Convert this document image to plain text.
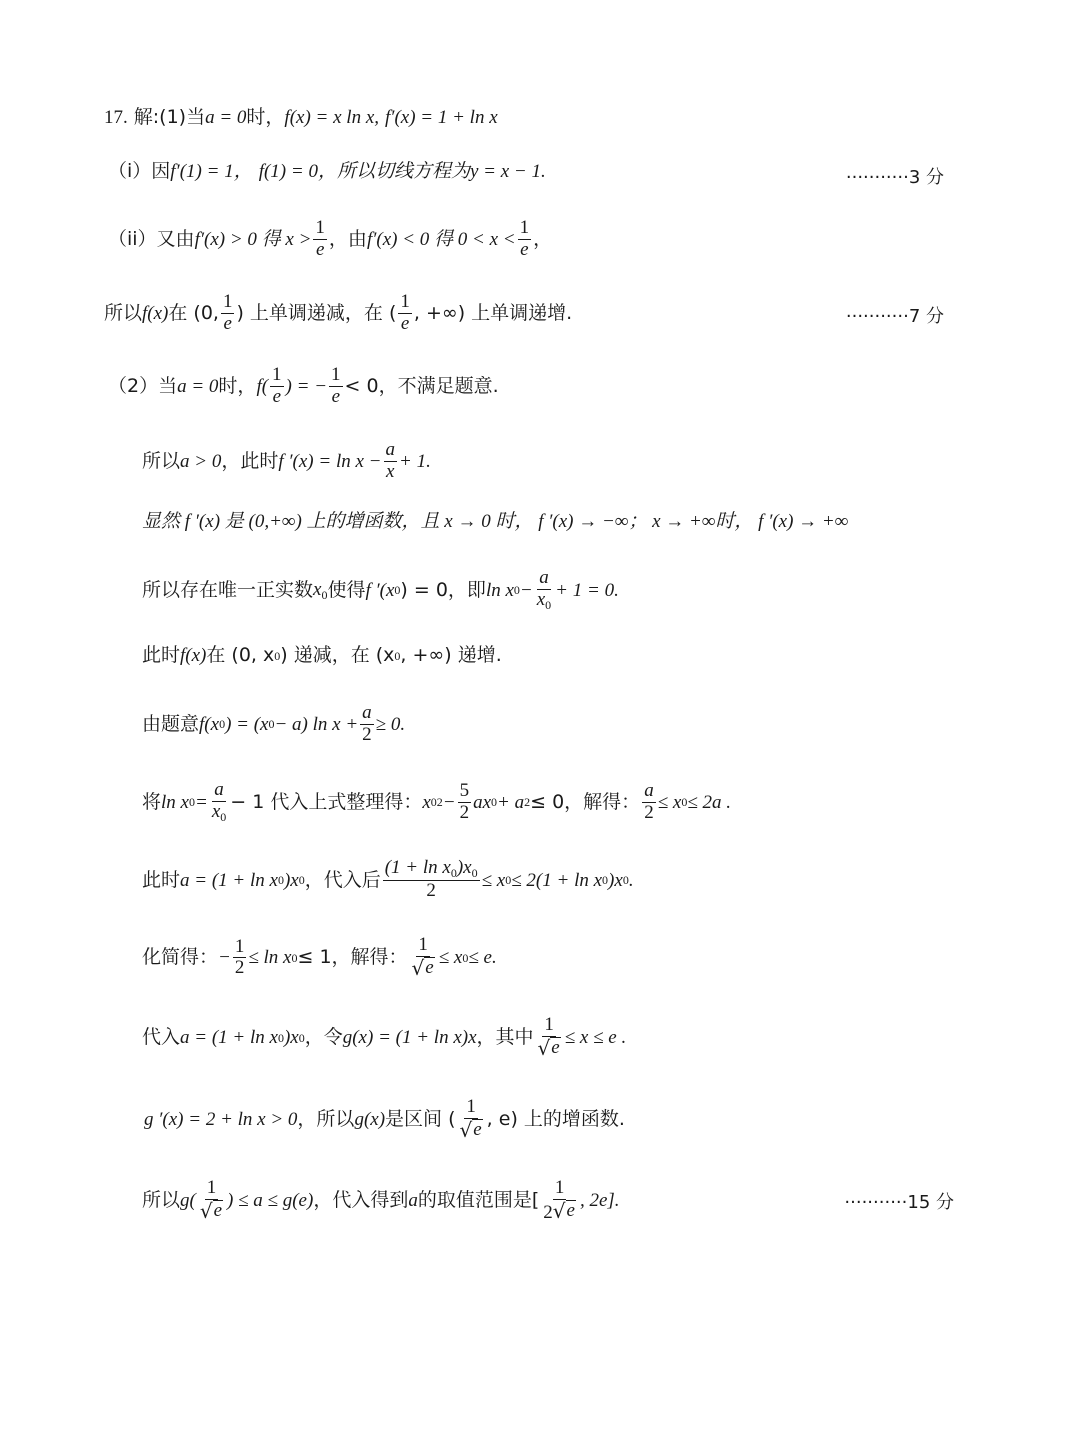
17. 解:(1)当 a = 0 时， f(x) = x ln x, f′(x) = 1 + ln x
（i）因 f′(1) = 1， f(1) = 0，所以切线方程为 y = x − 1.	···········3 分
（ii）又由 f′(x) > 0 得 $x > \frac{1}{e}$ ，由 f′(x) < 0 得 $0 < x < \frac{1}{e}$ ，
所以 f(x) 在 (0, $\frac{1}{e}$ ) 上单调递减，在 ( $\frac{1}{e}$ , +∞) 上单调递增.	···········7 分
（2）当 a = 0 时， $f( \frac{1}{e}$ ) = − $\frac{1}{e} < 0$，不满足题意.
所以 a > 0 ，此时 f $'(x) = \ln x - \frac{a}{x} + 1$.
显然 f ′(x) 是 (0,+∞) 上的增函数，且 x → 0 时， f ′(x) → −∞； x → +∞时， f ′(x) → +∞
所以存在唯一正实数 $x_0$ 使得 f ′(x 0 ) = 0，即 ln x $0 - \frac{a}{x_0} + 1 = 0$.
此时 f(x) 在 (0, x 0 ) 递减，在 (x 0 , +∞) 递增.
由题意 f(x 0 ) = (x 0 − a) $\ln x + \frac{a}{2} \ge 0$.
将 ln x $0 = \frac{a}{x_0} - 1$ 代入上式整理得： x 0 $2 - \frac{5}{2}$ ax 0 + a 2 ≤ 0，解得： $\frac{a}{2} \le x$ 0 ≤ 2a .
此时 a = (1 + ln x 0 )x 0 ，代入后 $\frac{(1 + \ln x_0)x_0}{2} \le x$ 0 ≤ 2(1 + ln x 0 )x 0 .
化简得： − $\frac{1}{2} \le \ln x$ 0 ≤ 1，解得： $\frac{1}{√ e} \le x$ 0 ≤ e.
代入 a = (1 + ln x 0 )x 0 ，令 g(x) = (1 + ln x)x ，其中 $\frac{1}{√ e} \le x \le e$ .
g ′(x) = 2 + ln x > 0 ，所以 g(x) 是区间 ( $\frac{1}{√ e}$ , e) 上的增函数.
所以 $g( \frac{1}{√ e}$ ) ≤ a ≤ g(e) ，代入得到 a 的取值范围是[ $\frac{1}{2 √ e}$ , 2e].	···········15 分
